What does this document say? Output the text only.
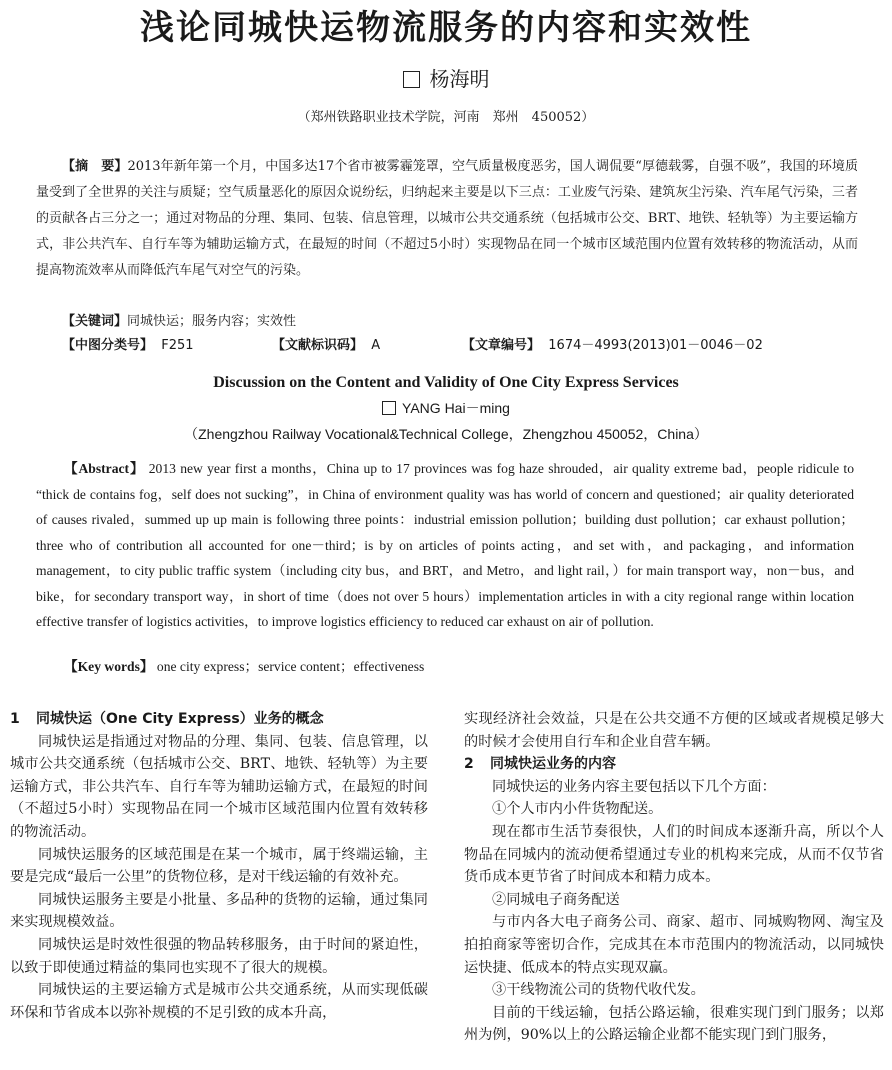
浅论同城快运物流服务的内容和实效性
杨海明
（郑州铁路职业技术学院，河南　郑州　450052）

【摘　要】2013年新年第一个月，中国多达17个省市被雾霾笼罩，空气质量极度恶劣，国人调侃要“厚德载雾，自强不吸”，我国的环境质量受到了全世界的关注与质疑；空气质量恶化的原因众说纷纭，归纳起来主要是以下三点：工业废气污染、建筑灰尘污染、汽车尾气污染，三者的贡献各占三分之一；通过对物品的分理、集同、包装、信息管理，以城市公共交通系统（包括城市公交、BRT、地铁、轻轨等）为主要运输方式，非公共汽车、自行车等为辅助运输方式，在最短的时间（不超过5小时）实现物品在同一个城市区域范围内位置有效转移的物流活动，从而提高物流效率从而降低汽车尾气对空气的污染。

【关键词】同城快运；服务内容；实效性
【中图分类号】 F251	【文献标识码】 A	【文章编号】 1674－4993(2013)01－0046－02
Discussion on the Content and Validity of One City Express Services
YANG Hai－ming
（Zhengzhou Railway Vocational&Technical College，Zhengzhou 450052，China）

【Abstract】 2013 new year first a months，China up to 17 provinces was fog haze shrouded，air quality extreme bad，people ridicule to “thick de contains fog，self does not sucking”，in China of environment quality was has world of concern and questioned；air quality deteriorated of causes rivaled，summed up up main is following three points：industrial emission pollution；building dust pollution；car exhaust pollution；three who of contribution all accounted for one－third；is by on articles of points acting，and set with，and packaging，and information management，to city public traffic system（including city bus，and BRT，and Metro，and light rail，）for main transport way，non－bus，and bike，for secondary transport way，in short of time（does not over 5 hours）implementation articles in with a city regional range within location effective transfer of logistics activities，to improve logistics efficiency to reduced car exhaust on air of pollution.

【Key words】 one city express；service content；effectiveness

1 同城快运（One City Express）业务的概念

同城快运是指通过对物品的分理、集同、包装、信息管理，以城市公共交通系统（包括城市公交、BRT、地铁、轻轨等）为主要运输方式，非公共汽车、自行车等为辅助运输方式，在最短的时间（不超过5小时）实现物品在同一个城市区域范围内位置有效转移的物流活动。

同城快运服务的区域范围是在某一个城市，属于终端运输，主要是完成“最后一公里”的货物位移，是对干线运输的有效补充。

同城快运服务主要是小批量、多品种的货物的运输，通过集同来实现规模效益。

同城快运是时效性很强的物品转移服务，由于时间的紧迫性，以致于即使通过精益的集同也实现不了很大的规模。

同城快运的主要运输方式是城市公共交通系统，从而实现低碳环保和节省成本以弥补规模的不足引致的成本升高，

实现经济社会效益，只是在公共交通不方便的区域或者规模足够大的时候才会使用自行车和企业自营车辆。

2 同城快运业务的内容

同城快运的业务内容主要包括以下几个方面：

①个人市内小件货物配送。

现在都市生活节奏很快，人们的时间成本逐渐升高，所以个人物品在同城内的流动便希望通过专业的机构来完成，从而不仅节省货币成本更节省了时间成本和精力成本。

②同城电子商务配送

与市内各大电子商务公司、商家、超市、同城购物网、淘宝及拍拍商家等密切合作，完成其在本市范围内的物流活动，以同城快运快捷、低成本的特点实现双赢。

③干线物流公司的货物代收代发。

目前的干线运输，包括公路运输，很难实现门到门服务；以郑州为例，90%以上的公路运输企业都不能实现门到门服务，
